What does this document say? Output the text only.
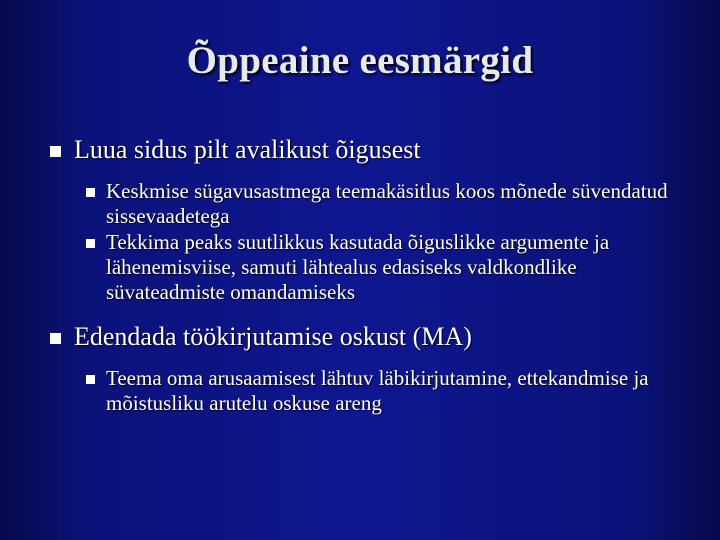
Õppeaine eesmärgid
Luua sidus pilt avalikust õigusest
Keskmise sügavusastmega teemakäsitlus koos mõnede süvendatud sissevaadetega
Tekkima peaks suutlikkus kasutada õiguslikke argumente ja lähenemisviise, samuti lähtealus edasiseks valdkondlike süvateadmiste omandamiseks
Edendada töökirjutamise oskust (MA)
Teema oma arusaamisest lähtuv läbikirjutamine, ettekandmise ja mõistusliku arutelu oskuse areng
